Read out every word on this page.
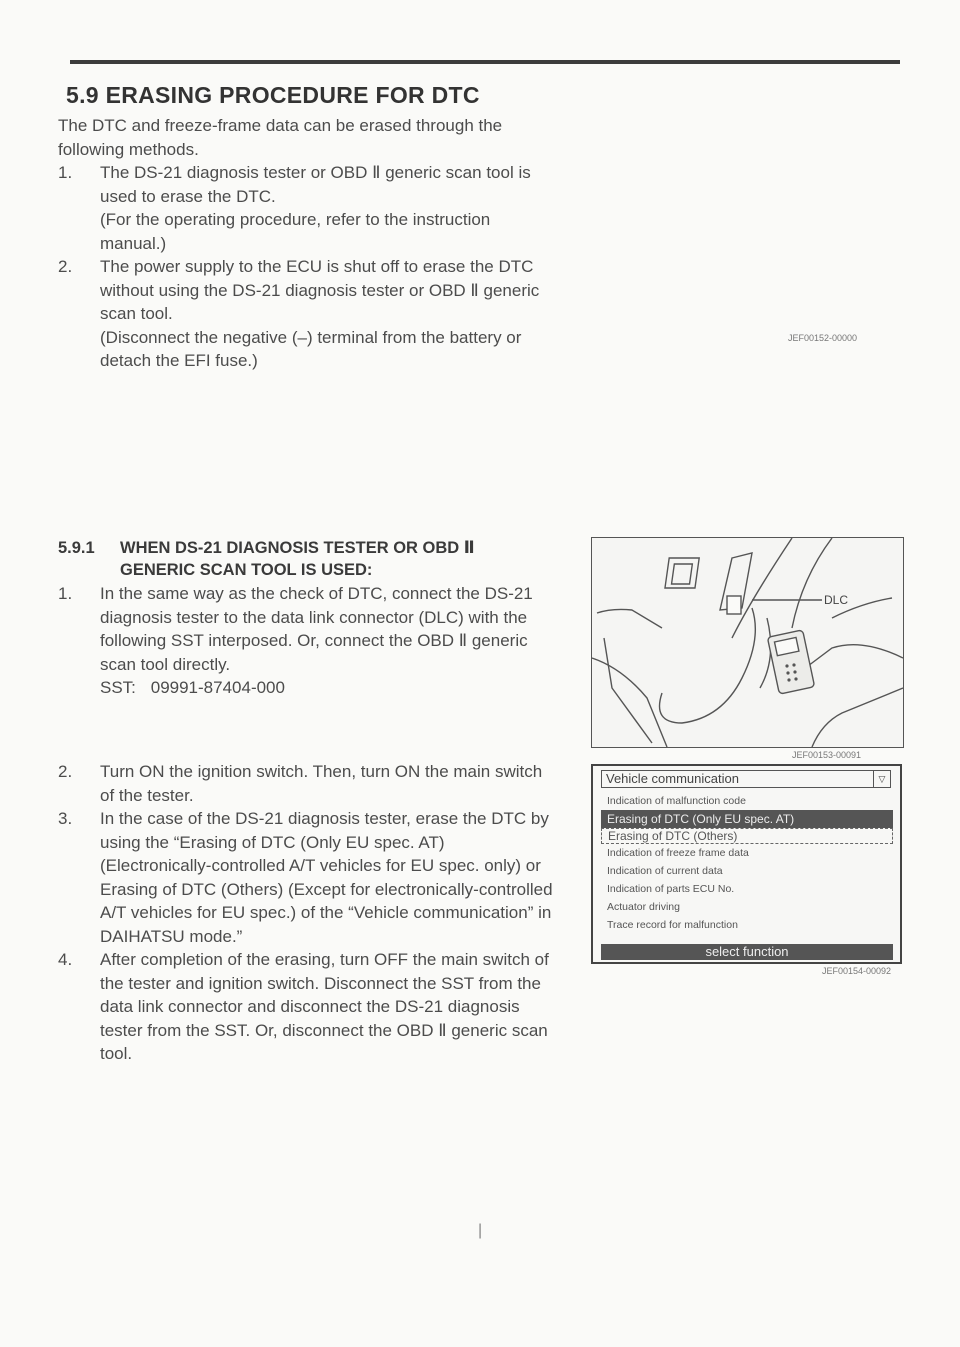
5.9 ERASING PROCEDURE FOR DTC
The DTC and freeze-frame data can be erased through the following methods.
1. The DS-21 diagnosis tester or OBD Ⅱ generic scan tool is used to erase the DTC.
(For the operating procedure, refer to the instruction manual.)
2. The power supply to the ECU is shut off to erase the DTC without using the DS-21 diagnosis tester or OBD Ⅱ generic scan tool.
(Disconnect the negative (–) terminal from the battery or detach the EFI fuse.)
JEF00152-00000
5.9.1	WHEN DS-21 DIAGNOSIS TESTER OR OBD Ⅱ GENERIC SCAN TOOL IS USED:
1. In the same way as the check of DTC, connect the DS-21 diagnosis tester to the data link connector (DLC) with the following SST interposed. Or, connect the OBD Ⅱ generic scan tool directly.
SST: 09991-87404-000
2. Turn ON the ignition switch. Then, turn ON the main switch of the tester.
3. In the case of the DS-21 diagnosis tester, erase the DTC by using the “Erasing of DTC (Only EU spec. AT) (Electronically-controlled A/T vehicles for EU spec. only) or Erasing of DTC (Others) (Except for electronically-controlled A/T vehicles for EU spec.) of the “Vehicle communication” in DAIHATSU mode.”
4. After completion of the erasing, turn OFF the main switch of the tester and ignition switch. Disconnect the SST from the data link connector and disconnect the DS-21 diagnosis tester from the SST. Or, disconnect the OBD Ⅱ generic scan tool.
DLC
JEF00153-00091
Vehicle communication	▽
Indication of malfunction code
Erasing of DTC (Only EU spec. AT)
Erasing of DTC (Others)
Indication of freeze frame data
Indication of current data
Indication of parts ECU No.
Actuator driving
Trace record for malfunction
select function
JEF00154-00092
|
